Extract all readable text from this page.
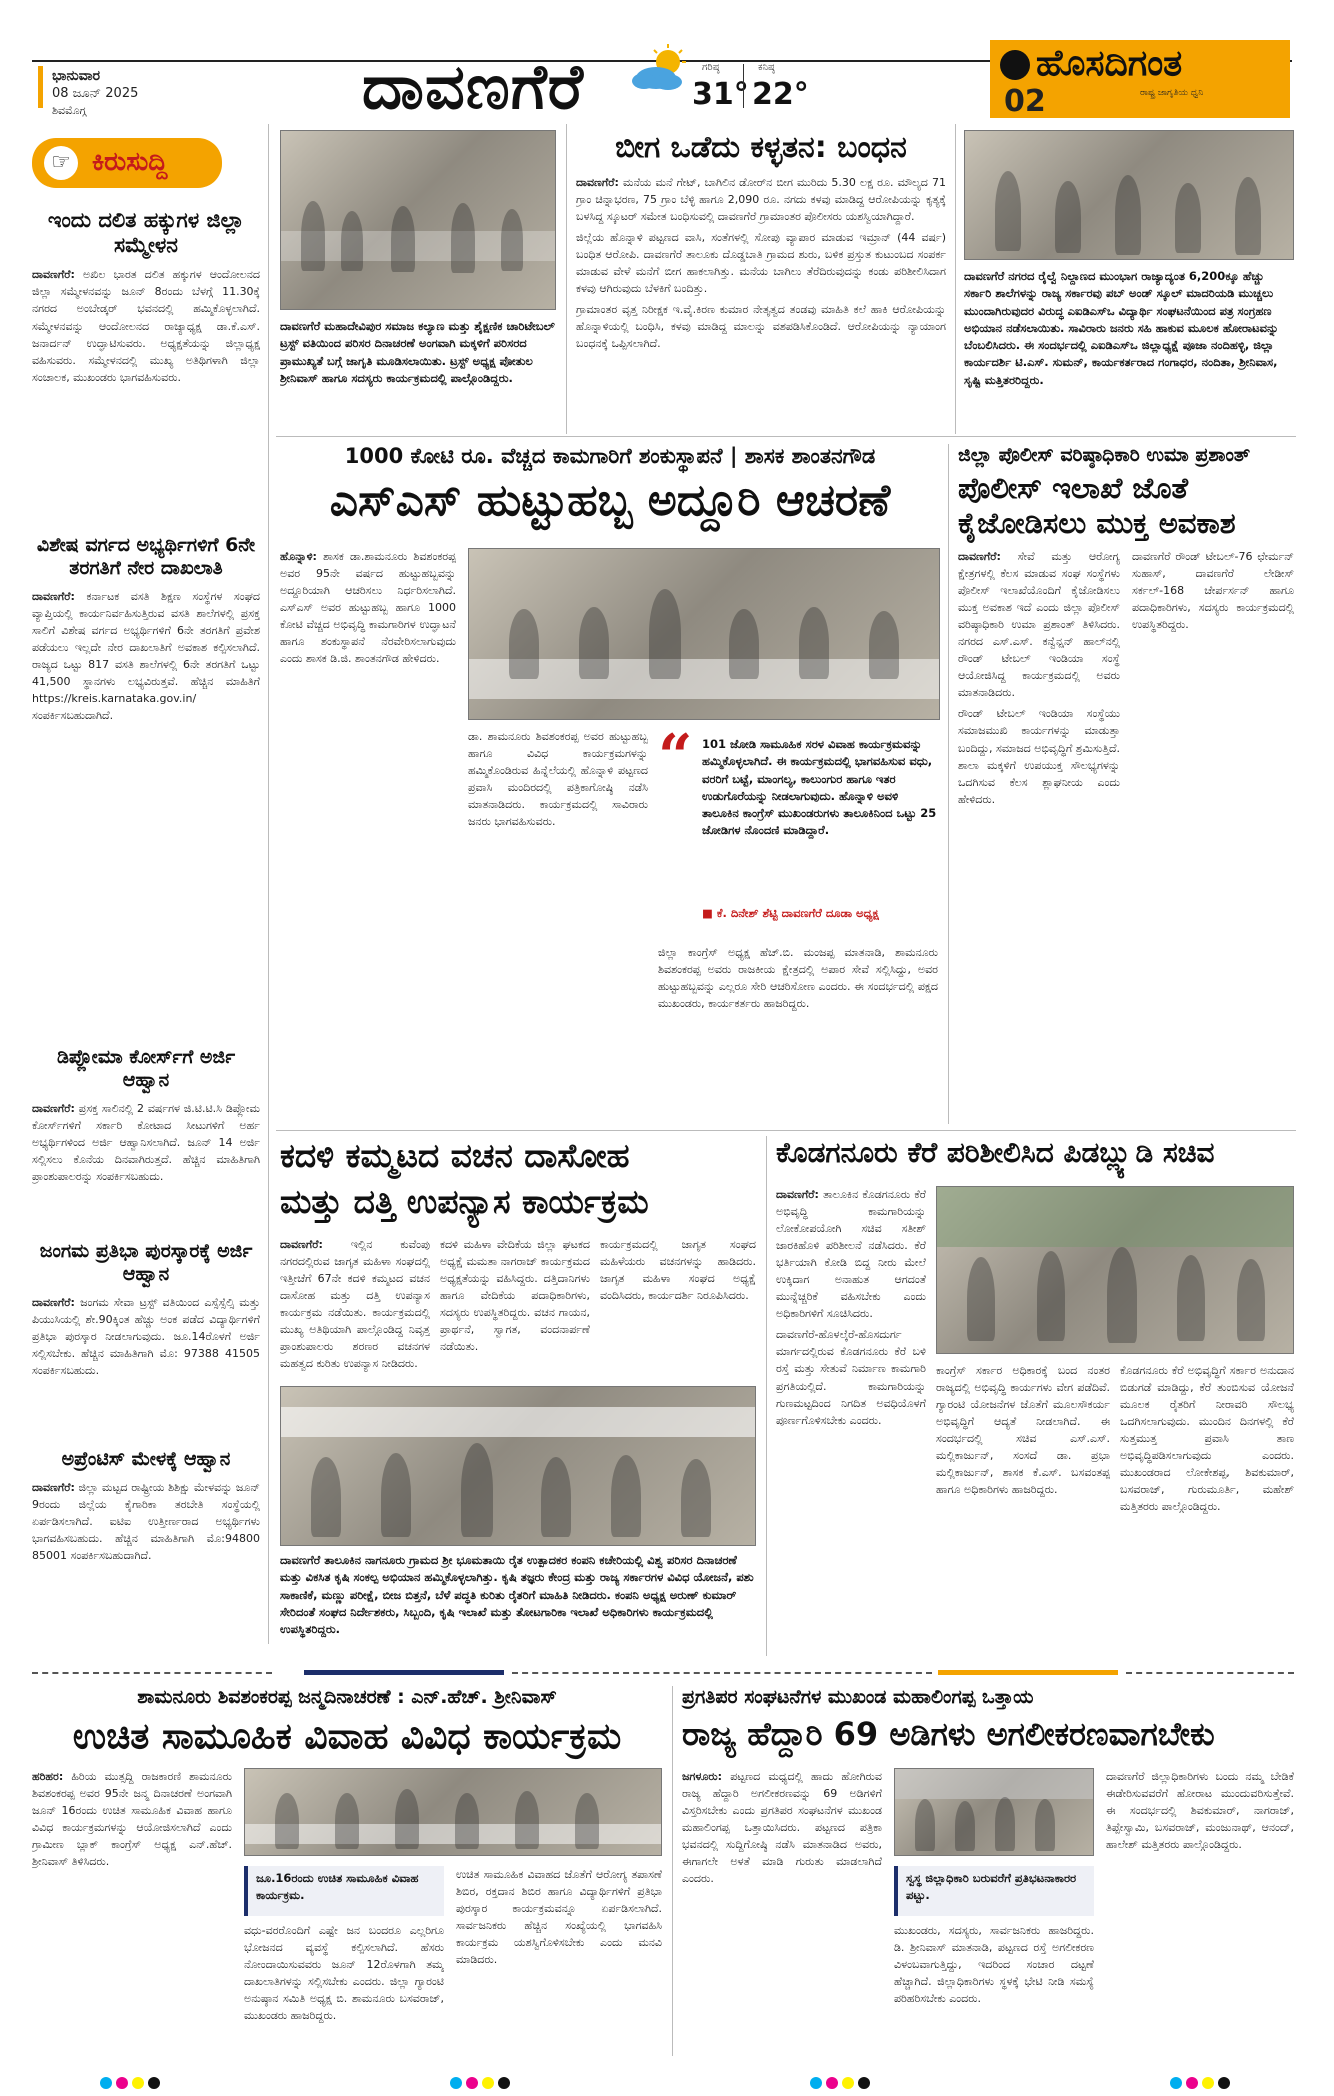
ಭಾನುವಾರ
08 ಜೂನ್ 2025
ಶಿವಮೊಗ್ಗ	ದಾವಣಗೆರೆ	ಗರಿಷ್ಠ
31°
ಕನಿಷ್ಠ
22°
ಹೊಸದಿಗಂತ
ರಾಷ್ಟ್ರ ಜಾಗೃತಿಯ ಧ್ವನಿ
02
☞ ಕಿರುಸುದ್ದಿ
ಇಂದು ದಲಿತ ಹಕ್ಕುಗಳ ಜಿಲ್ಲಾ ಸಮ್ಮೇಳನ
ದಾವಣಗೆರೆ: ಅಖಿಲ ಭಾರತ ದಲಿತ ಹಕ್ಕುಗಳ ಆಂದೋಲನದ ಜಿಲ್ಲಾ ಸಮ್ಮೇಳನವನ್ನು ಜೂನ್ 8ರಂದು ಬೆಳಗ್ಗೆ 11.30ಕ್ಕೆ ನಗರದ ಅಂಬೇಡ್ಕರ್ ಭವನದಲ್ಲಿ ಹಮ್ಮಿಕೊಳ್ಳಲಾಗಿದೆ. ಸಮ್ಮೇಳನವನ್ನು ಆಂದೋಲನದ ರಾಜ್ಯಾಧ್ಯಕ್ಷ ಡಾ.ಕೆ.ಎಸ್. ಜನಾರ್ದನ್ ಉದ್ಘಾಟಿಸುವರು. ಅಧ್ಯಕ್ಷತೆಯನ್ನು ಜಿಲ್ಲಾಧ್ಯಕ್ಷ ವಹಿಸುವರು. ಸಮ್ಮೇಳನದಲ್ಲಿ ಮುಖ್ಯ ಅತಿಥಿಗಳಾಗಿ ಜಿಲ್ಲಾ ಸಂಚಾಲಕ, ಮುಖಂಡರು ಭಾಗವಹಿಸುವರು.
ವಿಶೇಷ ವರ್ಗದ ಅಭ್ಯರ್ಥಿಗಳಿಗೆ 6ನೇ ತರಗತಿಗೆ ನೇರ ದಾಖಲಾತಿ
ದಾವಣಗೆರೆ: ಕರ್ನಾಟಕ ವಸತಿ ಶಿಕ್ಷಣ ಸಂಸ್ಥೆಗಳ ಸಂಘದ ವ್ಯಾಪ್ತಿಯಲ್ಲಿ ಕಾರ್ಯನಿರ್ವಹಿಸುತ್ತಿರುವ ವಸತಿ ಶಾಲೆಗಳಲ್ಲಿ ಪ್ರಸಕ್ತ ಸಾಲಿಗೆ ವಿಶೇಷ ವರ್ಗದ ಅಭ್ಯರ್ಥಿಗಳಿಗೆ 6ನೇ ತರಗತಿಗೆ ಪ್ರವೇಶ ಪಡೆಯಲು ಇಲ್ಲದೇ ನೇರ ದಾಖಲಾತಿಗೆ ಅವಕಾಶ ಕಲ್ಪಿಸಲಾಗಿದೆ. ರಾಜ್ಯದ ಒಟ್ಟು 817 ವಸತಿ ಶಾಲೆಗಳಲ್ಲಿ 6ನೇ ತರಗತಿಗೆ ಒಟ್ಟು 41,500 ಸ್ಥಾನಗಳು ಲಭ್ಯವಿರುತ್ತವೆ. ಹೆಚ್ಚಿನ ಮಾಹಿತಿಗೆ https://kreis.karnataka.gov.in/ ಸಂಪರ್ಕಿಸಬಹುದಾಗಿದೆ.
ಡಿಪ್ಲೋಮಾ ಕೋರ್ಸ್‌ಗೆ ಅರ್ಜಿ ಆಹ್ವಾನ
ದಾವಣಗೆರೆ: ಪ್ರಸಕ್ತ ಸಾಲಿನಲ್ಲಿ 2 ವರ್ಷಗಳ ಜಿ.ಟಿ.ಟಿ.ಸಿ ಡಿಪ್ಲೋಮ ಕೋರ್ಸ್‌ಗಳಿಗೆ ಸರ್ಕಾರಿ ಕೋಟಾದ ಸೀಟುಗಳಿಗೆ ಅರ್ಹ ಅಭ್ಯರ್ಥಿಗಳಿಂದ ಅರ್ಜಿ ಆಹ್ವಾನಿಸಲಾಗಿದೆ. ಜೂನ್ 14 ಅರ್ಜಿ ಸಲ್ಲಿಸಲು ಕೊನೆಯ ದಿನವಾಗಿರುತ್ತದೆ. ಹೆಚ್ಚಿನ ಮಾಹಿತಿಗಾಗಿ ಪ್ರಾಂಶುಪಾಲರನ್ನು ಸಂಪರ್ಕಿಸಬಹುದು.
ಜಂಗಮ ಪ್ರತಿಭಾ ಪುರಸ್ಕಾರಕ್ಕೆ ಅರ್ಜಿ ಆಹ್ವಾನ
ದಾವಣಗೆರೆ: ಜಂಗಮ ಸೇವಾ ಟ್ರಸ್ಟ್ ವತಿಯಿಂದ ಎಸ್ಸೆಸ್ಸೆಲ್ಸಿ ಮತ್ತು ಪಿಯುಸಿಯಲ್ಲಿ ಶೇ.90ಕ್ಕಿಂತ ಹೆಚ್ಚು ಅಂಕ ಪಡೆದ ವಿದ್ಯಾರ್ಥಿಗಳಿಗೆ ಪ್ರತಿಭಾ ಪುರಸ್ಕಾರ ನೀಡಲಾಗುವುದು. ಜೂ.14ರೊಳಗೆ ಅರ್ಜಿ ಸಲ್ಲಿಸಬೇಕು. ಹೆಚ್ಚಿನ ಮಾಹಿತಿಗಾಗಿ ಮೊ: 97388 41505 ಸಂಪರ್ಕಿಸಬಹುದು.
ಅಪ್ರೆಂಟಿಸ್ ಮೇಳಕ್ಕೆ ಆಹ್ವಾನ
ದಾವಣಗೆರೆ: ಜಿಲ್ಲಾ ಮಟ್ಟದ ರಾಷ್ಟ್ರೀಯ ಶಿಶಿಕ್ಷು ಮೇಳವನ್ನು ಜೂನ್ 9ರಂದು ಜಿಲ್ಲೆಯ ಕೈಗಾರಿಕಾ ತರಬೇತಿ ಸಂಸ್ಥೆಯಲ್ಲಿ ಏರ್ಪಡಿಸಲಾಗಿದೆ. ಐಟಿಐ ಉತ್ತೀರ್ಣರಾದ ಅಭ್ಯರ್ಥಿಗಳು ಭಾಗವಹಿಸಬಹುದು. ಹೆಚ್ಚಿನ ಮಾಹಿತಿಗಾಗಿ ಮೊ:94800 85001 ಸಂಪರ್ಕಿಸಬಹುದಾಗಿದೆ.
ದಾವಣಗೆರೆ ಮಹಾದೇವಿಪುರ ಸಮಾಜ ಕಲ್ಯಾಣ ಮತ್ತು ಶೈಕ್ಷಣಿಕ ಚಾರಿಟೇಬಲ್ ಟ್ರಸ್ಟ್ ವತಿಯಿಂದ ಪರಿಸರ ದಿನಾಚರಣೆ ಅಂಗವಾಗಿ ಮಕ್ಕಳಿಗೆ ಪರಿಸರದ ಪ್ರಾಮುಖ್ಯತೆ ಬಗ್ಗೆ ಜಾಗೃತಿ ಮೂಡಿಸಲಾಯಿತು. ಟ್ರಸ್ಟ್ ಅಧ್ಯಕ್ಷ ಪೋತುಲ ಶ್ರೀನಿವಾಸ್ ಹಾಗೂ ಸದಸ್ಯರು ಕಾರ್ಯಕ್ರಮದಲ್ಲಿ ಪಾಲ್ಗೊಂಡಿದ್ದರು.
ಬೀಗ ಒಡೆದು ಕಳ್ಳತನ: ಬಂಧನ

ದಾವಣಗೆರೆ: ಮನೆಯ ಮನೆ ಗೇಟ್, ಬಾಗಿಲಿನ ಡೋರ್‌ನ ಬೀಗ ಮುರಿದು 5.30 ಲಕ್ಷ ರೂ. ಮೌಲ್ಯದ 71 ಗ್ರಾಂ ಚಿನ್ನಾಭರಣ, 75 ಗ್ರಾಂ ಬೆಳ್ಳಿ ಹಾಗೂ 2,090 ರೂ. ನಗದು ಕಳವು ಮಾಡಿದ್ದ ಆರೋಪಿಯನ್ನು ಕೃತ್ಯಕ್ಕೆ ಬಳಸಿದ್ದ ಸ್ಕೂಟರ್ ಸಮೇತ ಬಂಧಿಸುವಲ್ಲಿ ದಾವಣಗೆರೆ ಗ್ರಾಮಾಂತರ ಪೊಲೀಸರು ಯಶಸ್ವಿಯಾಗಿದ್ದಾರೆ.

ಜಿಲ್ಲೆಯ ಹೊನ್ನಾಳಿ ಪಟ್ಟಣದ ವಾಸಿ, ಸಂತೆಗಳಲ್ಲಿ ಸೋಪು ವ್ಯಾಪಾರ ಮಾಡುವ ಇಮ್ರಾನ್ (44 ವರ್ಷ) ಬಂಧಿತ ಆರೋಪಿ. ದಾವಣಗೆರೆ ತಾಲೂಕು ದೊಡ್ಡಬಾತಿ ಗ್ರಾಮದ ಶುರು, ಬಳಿಕ ಪ್ರಸ್ತುತ ಕುಟುಂಬದ ಸಂಪರ್ಕ ಮಾಡುವ ವೇಳೆ ಮನೆಗೆ ಬೀಗ ಹಾಕಲಾಗಿತ್ತು. ಮನೆಯ ಬಾಗಿಲು ತೆರೆದಿರುವುದನ್ನು ಕಂಡು ಪರಿಶೀಲಿಸಿದಾಗ ಕಳವು ಆಗಿರುವುದು ಬೆಳಕಿಗೆ ಬಂದಿತ್ತು.

ಗ್ರಾಮಾಂತರ ವೃತ್ತ ನಿರೀಕ್ಷಕ ಇ.ವೈ.ಕಿರಣ ಕುಮಾರ ನೇತೃತ್ವದ ತಂಡವು ಮಾಹಿತಿ ಕಲೆ ಹಾಕಿ ಆರೋಪಿಯನ್ನು ಹೊನ್ನಾಳಿಯಲ್ಲಿ ಬಂಧಿಸಿ, ಕಳವು ಮಾಡಿದ್ದ ಮಾಲನ್ನು ವಶಪಡಿಸಿಕೊಂಡಿದೆ. ಆರೋಪಿಯನ್ನು ನ್ಯಾಯಾಂಗ ಬಂಧನಕ್ಕೆ ಒಪ್ಪಿಸಲಾಗಿದೆ.

ದಾವಣಗೆರೆ ನಗರದ ರೈಲ್ವೆ ನಿಲ್ದಾಣದ ಮುಂಭಾಗ ರಾಜ್ಯಾದ್ಯಂತ 6,200ಕ್ಕೂ ಹೆಚ್ಚು ಸರ್ಕಾರಿ ಶಾಲೆಗಳನ್ನು ರಾಜ್ಯ ಸರ್ಕಾರವು ಪಬ್ ಅಂಡ್ ಸ್ಕೂಲ್ ಮಾದರಿಯಡಿ ಮುಚ್ಚಲು ಮುಂದಾಗಿರುವುದರ ವಿರುದ್ಧ ಎಐಡಿಎಸ್ಒ ವಿದ್ಯಾರ್ಥಿ ಸಂಘಟನೆಯಿಂದ ಪತ್ರ ಸಂಗ್ರಹಣ ಅಭಿಯಾನ ನಡೆಸಲಾಯಿತು. ಸಾವಿರಾರು ಜನರು ಸಹಿ ಹಾಕುವ ಮೂಲಕ ಹೋರಾಟವನ್ನು ಬೆಂಬಲಿಸಿದರು. ಈ ಸಂದರ್ಭದಲ್ಲಿ ಎಐಡಿಎಸ್ಒ ಜಿಲ್ಲಾಧ್ಯಕ್ಷೆ ಪೂಜಾ ನಂದಿಹಳ್ಳಿ, ಜಿಲ್ಲಾ ಕಾರ್ಯದರ್ಶಿ ಟಿ.ಎಸ್. ಸುಮನ್, ಕಾರ್ಯಕರ್ತರಾದ ಗಂಗಾಧರ, ನಂದಿತಾ, ಶ್ರೀನಿವಾಸ, ಸೃಷ್ಟಿ ಮತ್ತಿತರರಿದ್ದರು.
1000 ಕೋಟಿ ರೂ. ವೆಚ್ಚದ ಕಾಮಗಾರಿಗೆ ಶಂಕುಸ್ಥಾಪನೆ | ಶಾಸಕ ಶಾಂತನಗೌಡ
ಎಸ್‌ಎಸ್ ಹುಟ್ಟುಹಬ್ಬ ಅದ್ದೂರಿ ಆಚರಣೆ
ಹೊನ್ನಾಳಿ: ಶಾಸಕ ಡಾ.ಶಾಮನೂರು ಶಿವಶಂಕರಪ್ಪ ಅವರ 95ನೇ ವರ್ಷದ ಹುಟ್ಟುಹಬ್ಬವನ್ನು ಅದ್ದೂರಿಯಾಗಿ ಆಚರಿಸಲು ನಿರ್ಧರಿಸಲಾಗಿದೆ. ಎಸ್‌ಎಸ್ ಅವರ ಹುಟ್ಟುಹಬ್ಬ ಹಾಗೂ 1000 ಕೋಟಿ ವೆಚ್ಚದ ಅಭಿವೃದ್ಧಿ ಕಾಮಗಾರಿಗಳ ಉದ್ಘಾಟನೆ ಹಾಗೂ ಶಂಕುಸ್ಥಾಪನೆ ನೆರವೇರಿಸಲಾಗುವುದು ಎಂದು ಶಾಸಕ ಡಿ.ಜಿ. ಶಾಂತನಗೌಡ ಹೇಳಿದರು.
ಡಾ. ಶಾಮನೂರು ಶಿವಶಂಕರಪ್ಪ ಅವರ ಹುಟ್ಟುಹಬ್ಬ ಹಾಗೂ ವಿವಿಧ ಕಾರ್ಯಕ್ರಮಗಳನ್ನು ಹಮ್ಮಿಕೊಂಡಿರುವ ಹಿನ್ನೆಲೆಯಲ್ಲಿ ಹೊನ್ನಾಳಿ ಪಟ್ಟಣದ ಪ್ರವಾಸಿ ಮಂದಿರದಲ್ಲಿ ಪತ್ರಿಕಾಗೋಷ್ಠಿ ನಡೆಸಿ ಮಾತನಾಡಿದರು. ಕಾರ್ಯಕ್ರಮದಲ್ಲಿ ಸಾವಿರಾರು ಜನರು ಭಾಗವಹಿಸುವರು.
“ 101 ಜೋಡಿ ಸಾಮೂಹಿಕ ಸರಳ ವಿವಾಹ ಕಾರ್ಯಕ್ರಮವನ್ನು ಹಮ್ಮಿಕೊಳ್ಳಲಾಗಿದೆ. ಈ ಕಾರ್ಯಕ್ರಮದಲ್ಲಿ ಭಾಗವಹಿಸುವ ವಧು, ವರರಿಗೆ ಬಟ್ಟೆ, ಮಾಂಗಲ್ಯ, ಕಾಲುಂಗುರ ಹಾಗೂ ಇತರ ಉಡುಗೊರೆಯನ್ನು ನೀಡಲಾಗುವುದು. ಹೊನ್ನಾಳಿ ಅವಳಿ ತಾಲೂಕಿನ ಕಾಂಗ್ರೆಸ್ ಮುಖಂಡರುಗಳು ತಾಲೂಕಿನಿಂದ ಒಟ್ಟು 25 ಜೋಡಿಗಳ ನೊಂದಣಿ ಮಾಡಿದ್ದಾರೆ.
■ ಕೆ. ದಿನೇಶ್ ಶೆಟ್ಟಿ ದಾವಣಗೆರೆ ದೂಡಾ ಅಧ್ಯಕ್ಷ
ಜಿಲ್ಲಾ ಕಾಂಗ್ರೆಸ್ ಅಧ್ಯಕ್ಷ ಹೆಚ್.ಬಿ. ಮಂಜಪ್ಪ ಮಾತನಾಡಿ, ಶಾಮನೂರು ಶಿವಶಂಕರಪ್ಪ ಅವರು ರಾಜಕೀಯ ಕ್ಷೇತ್ರದಲ್ಲಿ ಅಪಾರ ಸೇವೆ ಸಲ್ಲಿಸಿದ್ದು, ಅವರ ಹುಟ್ಟುಹಬ್ಬವನ್ನು ಎಲ್ಲರೂ ಸೇರಿ ಆಚರಿಸೋಣ ಎಂದರು. ಈ ಸಂದರ್ಭದಲ್ಲಿ ಪಕ್ಷದ ಮುಖಂಡರು, ಕಾರ್ಯಕರ್ತರು ಹಾಜರಿದ್ದರು.
ಜಿಲ್ಲಾ ಪೊಲೀಸ್ ವರಿಷ್ಠಾಧಿಕಾರಿ ಉಮಾ ಪ್ರಶಾಂತ್
ಪೊಲೀಸ್ ಇಲಾಖೆ ಜೊತೆ ಕೈಜೋಡಿಸಲು ಮುಕ್ತ ಅವಕಾಶ

ದಾವಣಗೆರೆ: ಸೇವೆ ಮತ್ತು ಆರೋಗ್ಯ ಕ್ಷೇತ್ರಗಳಲ್ಲಿ ಕೆಲಸ ಮಾಡುವ ಸಂಘ ಸಂಸ್ಥೆಗಳು ಪೊಲೀಸ್ ಇಲಾಖೆಯೊಂದಿಗೆ ಕೈಜೋಡಿಸಲು ಮುಕ್ತ ಅವಕಾಶ ಇದೆ ಎಂದು ಜಿಲ್ಲಾ ಪೊಲೀಸ್ ವರಿಷ್ಠಾಧಿಕಾರಿ ಉಮಾ ಪ್ರಶಾಂತ್ ತಿಳಿಸಿದರು. ನಗರದ ಎಸ್.ಎಸ್. ಕನ್ವೆನ್ಷನ್ ಹಾಲ್‌ನಲ್ಲಿ ರೌಂಡ್ ಟೇಬಲ್ ಇಂಡಿಯಾ ಸಂಸ್ಥೆ ಆಯೋಜಿಸಿದ್ದ ಕಾರ್ಯಕ್ರಮದಲ್ಲಿ ಅವರು ಮಾತನಾಡಿದರು.

ರೌಂಡ್ ಟೇಬಲ್ ಇಂಡಿಯಾ ಸಂಸ್ಥೆಯು ಸಮಾಜಮುಖಿ ಕಾರ್ಯಗಳನ್ನು ಮಾಡುತ್ತಾ ಬಂದಿದ್ದು, ಸಮಾಜದ ಅಭಿವೃದ್ಧಿಗೆ ಶ್ರಮಿಸುತ್ತಿದೆ. ಶಾಲಾ ಮಕ್ಕಳಿಗೆ ಉಪಯುಕ್ತ ಸೌಲಭ್ಯಗಳನ್ನು ಒದಗಿಸುವ ಕೆಲಸ ಶ್ಲಾಘನೀಯ ಎಂದು ಹೇಳಿದರು.

ದಾವಣಗೆರೆ ರೌಂಡ್ ಟೇಬಲ್-76 ಛೇರ್ಮನ್ ಸುಹಾಸ್, ದಾವಣಗೆರೆ ಲೇಡೀಸ್ ಸರ್ಕಲ್-168 ಚೇರ್ಪರ್ಸನ್ ಹಾಗೂ ಪದಾಧಿಕಾರಿಗಳು, ಸದಸ್ಯರು ಕಾರ್ಯಕ್ರಮದಲ್ಲಿ ಉಪಸ್ಥಿತರಿದ್ದರು.
ಕದಳಿ ಕಮ್ಮಟದ ವಚನ ದಾಸೋಹ
ಮತ್ತು ದತ್ತಿ ಉಪನ್ಯಾಸ ಕಾರ್ಯಕ್ರಮ
ದಾವಣಗೆರೆ:	ಇಲ್ಲಿನ ಕುವೆಂಪು ನಗರದಲ್ಲಿರುವ ಜಾಗೃತ ಮಹಿಳಾ ಸಂಘದಲ್ಲಿ ಇತ್ತೀಚೆಗೆ 67ನೇ ಕದಳಿ ಕಮ್ಮಟದ ವಚನ ದಾಸೋಹ ಮತ್ತು ದತ್ತಿ ಉಪನ್ಯಾಸ ಕಾರ್ಯಕ್ರಮ ನಡೆಯಿತು. ಕಾರ್ಯಕ್ರಮದಲ್ಲಿ ಮುಖ್ಯ ಅತಿಥಿಯಾಗಿ ಪಾಲ್ಗೊಂಡಿದ್ದ ನಿವೃತ್ತ ಪ್ರಾಂಶುಪಾಲರು ಶರಣರ ವಚನಗಳ ಮಹತ್ವದ ಕುರಿತು ಉಪನ್ಯಾಸ ನೀಡಿದರು.
ಕದಳಿ ಮಹಿಳಾ ವೇದಿಕೆಯ ಜಿಲ್ಲಾ ಘಟಕದ ಅಧ್ಯಕ್ಷೆ ಮಮತಾ ನಾಗರಾಜ್ ಕಾರ್ಯಕ್ರಮದ ಅಧ್ಯಕ್ಷತೆಯನ್ನು ವಹಿಸಿದ್ದರು. ದತ್ತಿದಾನಿಗಳು ಹಾಗೂ ವೇದಿಕೆಯ ಪದಾಧಿಕಾರಿಗಳು, ಸದಸ್ಯರು ಉಪಸ್ಥಿತರಿದ್ದರು. ವಚನ ಗಾಯನ, ಪ್ರಾರ್ಥನೆ, ಸ್ವಾಗತ, ವಂದನಾರ್ಪಣೆ ನಡೆಯಿತು.
ಕಾರ್ಯಕ್ರಮದಲ್ಲಿ ಜಾಗೃತ ಸಂಘದ ಮಹಿಳೆಯರು ವಚನಗಳನ್ನು ಹಾಡಿದರು. ಜಾಗೃತ ಮಹಿಳಾ ಸಂಘದ ಅಧ್ಯಕ್ಷೆ ವಂದಿಸಿದರು, ಕಾರ್ಯದರ್ಶಿ ನಿರೂಪಿಸಿದರು.
ದಾವಣಗೆರೆ ತಾಲೂಕಿನ ನಾಗನೂರು ಗ್ರಾಮದ ಶ್ರೀ ಭೂಮತಾಯಿ ರೈತ ಉತ್ಪಾದಕರ ಕಂಪನಿ ಕಚೇರಿಯಲ್ಲಿ ವಿಶ್ವ ಪರಿಸರ ದಿನಾಚರಣೆ ಮತ್ತು ವಿಕಸಿತ ಕೃಷಿ ಸಂಕಲ್ಪ ಅಭಿಯಾನ ಹಮ್ಮಿಕೊಳ್ಳಲಾಗಿತ್ತು. ಕೃಷಿ ತಜ್ಞರು ಕೇಂದ್ರ ಮತ್ತು ರಾಜ್ಯ ಸರ್ಕಾರಗಳ ವಿವಿಧ ಯೋಜನೆ, ಪಶು ಸಾಕಾಣಿಕೆ, ಮಣ್ಣು ಪರೀಕ್ಷೆ, ಬೀಜ ಬಿತ್ತನೆ, ಬೆಳೆ ಪದ್ಧತಿ ಕುರಿತು ರೈತರಿಗೆ ಮಾಹಿತಿ ನೀಡಿದರು. ಕಂಪನಿ ಅಧ್ಯಕ್ಷ ಅರುಣ್ ಕುಮಾರ್ ಸೇರಿದಂತೆ ಸಂಘದ ನಿರ್ದೇಶಕರು, ಸಿಬ್ಬಂದಿ, ಕೃಷಿ ಇಲಾಖೆ ಮತ್ತು ತೋಟಗಾರಿಕಾ ಇಲಾಖೆ ಅಧಿಕಾರಿಗಳು ಕಾರ್ಯಕ್ರಮದಲ್ಲಿ ಉಪಸ್ಥಿತರಿದ್ದರು.
ಕೊಡಗನೂರು ಕೆರೆ ಪರಿಶೀಲಿಸಿದ ಪಿಡಬ್ಲ್ಯುಡಿ ಸಚಿವ

ದಾವಣಗೆರೆ: ತಾಲೂಕಿನ ಕೊಡಗನೂರು ಕೆರೆ ಅಭಿವೃದ್ಧಿ ಕಾಮಗಾರಿಯನ್ನು ಲೋಕೋಪಯೋಗಿ ಸಚಿವ ಸತೀಶ್ ಜಾರಕಿಹೊಳಿ ಪರಿಶೀಲನೆ ನಡೆಸಿದರು. ಕೆರೆ ಭರ್ತಿಯಾಗಿ ಕೋಡಿ ಬಿದ್ದ ನೀರು ಮೇಲೆ ಉಕ್ಕಿದಾಗ ಅನಾಹುತ ಆಗದಂತೆ ಮುನ್ನೆಚ್ಚರಿಕೆ ವಹಿಸಬೇಕು ಎಂದು ಅಧಿಕಾರಿಗಳಿಗೆ ಸೂಚಿಸಿದರು.

ದಾವಣಗೆರೆ-ಹೊಳಲ್ಕೆರೆ-ಹೊಸದುರ್ಗ ಮಾರ್ಗದಲ್ಲಿರುವ ಕೊಡಗನೂರು ಕೆರೆ ಬಳಿ ರಸ್ತೆ ಮತ್ತು ಸೇತುವೆ ನಿರ್ಮಾಣ ಕಾಮಗಾರಿ ಪ್ರಗತಿಯಲ್ಲಿದೆ. ಕಾಮಗಾರಿಯನ್ನು ಗುಣಮಟ್ಟದಿಂದ ನಿಗದಿತ ಅವಧಿಯೊಳಗೆ ಪೂರ್ಣಗೊಳಿಸಬೇಕು ಎಂದರು.

ಕಾಂಗ್ರೆಸ್ ಸರ್ಕಾರ ಅಧಿಕಾರಕ್ಕೆ ಬಂದ ನಂತರ ರಾಜ್ಯದಲ್ಲಿ ಅಭಿವೃದ್ಧಿ ಕಾರ್ಯಗಳು ವೇಗ ಪಡೆದಿವೆ. ಗ್ಯಾರಂಟಿ ಯೋಜನೆಗಳ ಜೊತೆಗೆ ಮೂಲಸೌಕರ್ಯ ಅಭಿವೃದ್ಧಿಗೆ ಆದ್ಯತೆ ನೀಡಲಾಗಿದೆ. ಈ ಸಂದರ್ಭದಲ್ಲಿ ಸಚಿವ ಎಸ್.ಎಸ್. ಮಲ್ಲಿಕಾರ್ಜುನ್, ಸಂಸದೆ ಡಾ. ಪ್ರಭಾ ಮಲ್ಲಿಕಾರ್ಜುನ್, ಶಾಸಕ ಕೆ.ಎಸ್. ಬಸವಂತಪ್ಪ ಹಾಗೂ ಅಧಿಕಾರಿಗಳು ಹಾಜರಿದ್ದರು.
ಕೊಡಗನೂರು ಕೆರೆ ಅಭಿವೃದ್ಧಿಗೆ ಸರ್ಕಾರ ಅನುದಾನ ಬಿಡುಗಡೆ ಮಾಡಿದ್ದು, ಕೆರೆ ತುಂಬಿಸುವ ಯೋಜನೆ ಮೂಲಕ ರೈತರಿಗೆ ನೀರಾವರಿ ಸೌಲಭ್ಯ ಒದಗಿಸಲಾಗುವುದು. ಮುಂದಿನ ದಿನಗಳಲ್ಲಿ ಕೆರೆ ಸುತ್ತಮುತ್ತ ಪ್ರವಾಸಿ ತಾಣ ಅಭಿವೃದ್ಧಿಪಡಿಸಲಾಗುವುದು ಎಂದರು. ಮುಖಂಡರಾದ ಲೋಕೇಶಪ್ಪ, ಶಿವಕುಮಾರ್, ಬಸವರಾಜ್, ಗುರುಮೂರ್ತಿ, ಮಹೇಶ್ ಮತ್ತಿತರರು ಪಾಲ್ಗೊಂಡಿದ್ದರು.
ಶಾಮನೂರು ಶಿವಶಂಕರಪ್ಪ ಜನ್ಮದಿನಾಚರಣೆ : ಎನ್.ಹೆಚ್. ಶ್ರೀನಿವಾಸ್
ಉಚಿತ ಸಾಮೂಹಿಕ ವಿವಾಹ ವಿವಿಧ ಕಾರ್ಯಕ್ರಮ
ಹರಿಹರ: ಹಿರಿಯ ಮುತ್ಸದ್ದಿ ರಾಜಕಾರಣಿ ಶಾಮನೂರು ಶಿವಶಂಕರಪ್ಪ ಅವರ 95ನೇ ಜನ್ಮ ದಿನಾಚರಣೆ ಅಂಗವಾಗಿ ಜೂನ್ 16ರಂದು ಉಚಿತ ಸಾಮೂಹಿಕ ವಿವಾಹ ಹಾಗೂ ವಿವಿಧ ಕಾರ್ಯಕ್ರಮಗಳನ್ನು ಆಯೋಜಿಸಲಾಗಿದೆ ಎಂದು ಗ್ರಾಮೀಣ ಬ್ಲಾಕ್ ಕಾಂಗ್ರೆಸ್ ಅಧ್ಯಕ್ಷ ಎನ್.ಹೆಚ್. ಶ್ರೀನಿವಾಸ್ ತಿಳಿಸಿದರು.
ಜೂ.16ರಂದು ಉಚಿತ ಸಾಮೂಹಿಕ ವಿವಾಹ ಕಾರ್ಯಕ್ರಮ.
ವಧು-ವರರೊಂದಿಗೆ ಎಷ್ಟೇ ಜನ ಬಂದರೂ ಎಲ್ಲರಿಗೂ ಭೋಜನದ ವ್ಯವಸ್ಥೆ ಕಲ್ಪಿಸಲಾಗಿದೆ. ಹೆಸರು ನೋಂದಾಯಿಸುವವರು ಜೂನ್ 12ರೊಳಗಾಗಿ ತಮ್ಮ ದಾಖಲಾತಿಗಳನ್ನು ಸಲ್ಲಿಸಬೇಕು ಎಂದರು. ಜಿಲ್ಲಾ ಗ್ಯಾರಂಟಿ ಅನುಷ್ಠಾನ ಸಮಿತಿ ಅಧ್ಯಕ್ಷ ಬಿ. ಶಾಮನೂರು ಬಸವರಾಜ್, ಮುಖಂಡರು ಹಾಜರಿದ್ದರು.
ಉಚಿತ ಸಾಮೂಹಿಕ ವಿವಾಹದ ಜೊತೆಗೆ ಆರೋಗ್ಯ ತಪಾಸಣೆ ಶಿಬಿರ, ರಕ್ತದಾನ ಶಿಬಿರ ಹಾಗೂ ವಿದ್ಯಾರ್ಥಿಗಳಿಗೆ ಪ್ರತಿಭಾ ಪುರಸ್ಕಾರ ಕಾರ್ಯಕ್ರಮವನ್ನೂ ಏರ್ಪಡಿಸಲಾಗಿದೆ. ಸಾರ್ವಜನಿಕರು ಹೆಚ್ಚಿನ ಸಂಖ್ಯೆಯಲ್ಲಿ ಭಾಗವಹಿಸಿ ಕಾರ್ಯಕ್ರಮ ಯಶಸ್ವಿಗೊಳಿಸಬೇಕು ಎಂದು ಮನವಿ ಮಾಡಿದರು.
ಪ್ರಗತಿಪರ ಸಂಘಟನೆಗಳ ಮುಖಂಡ ಮಹಾಲಿಂಗಪ್ಪ ಒತ್ತಾಯ
ರಾಜ್ಯ ಹೆದ್ದಾರಿ 69 ಅಡಿಗಳು ಅಗಲೀಕರಣವಾಗಬೇಕು
ಜಗಳೂರು: ಪಟ್ಟಣದ ಮಧ್ಯದಲ್ಲಿ ಹಾದು ಹೋಗಿರುವ ರಾಜ್ಯ ಹೆದ್ದಾರಿ ಅಗಲೀಕರಣವನ್ನು 69 ಅಡಿಗಳಿಗೆ ವಿಸ್ತರಿಸಬೇಕು ಎಂದು ಪ್ರಗತಿಪರ ಸಂಘಟನೆಗಳ ಮುಖಂಡ ಮಹಾಲಿಂಗಪ್ಪ ಒತ್ತಾಯಿಸಿದರು. ಪಟ್ಟಣದ ಪತ್ರಿಕಾ ಭವನದಲ್ಲಿ ಸುದ್ದಿಗೋಷ್ಠಿ ನಡೆಸಿ ಮಾತನಾಡಿದ ಅವರು, ಈಗಾಗಲೇ ಅಳತೆ ಮಾಡಿ ಗುರುತು ಮಾಡಲಾಗಿದೆ ಎಂದರು.	ಸ್ವಸ್ಥ ಜಿಲ್ಲಾಧಿಕಾರಿ ಬರುವರೆಗೆ ಪ್ರತಿಭಟನಾಕಾರರ ಪಟ್ಟು.
ಮುಖಂಡರು, ಸದಸ್ಯರು, ಸಾರ್ವಜನಿಕರು ಹಾಜರಿದ್ದರು. ಡಿ. ಶ್ರೀನಿವಾಸ್ ಮಾತನಾಡಿ, ಪಟ್ಟಣದ ರಸ್ತೆ ಅಗಲೀಕರಣ ವಿಳಂಬವಾಗುತ್ತಿದ್ದು, ಇದರಿಂದ ಸಂಚಾರ ದಟ್ಟಣೆ ಹೆಚ್ಚಾಗಿದೆ. ಜಿಲ್ಲಾಧಿಕಾರಿಗಳು ಸ್ಥಳಕ್ಕೆ ಭೇಟಿ ನೀಡಿ ಸಮಸ್ಯೆ ಪರಿಹರಿಸಬೇಕು ಎಂದರು.
ದಾವಣಗೆರೆ ಜಿಲ್ಲಾಧಿಕಾರಿಗಳು ಬಂದು ನಮ್ಮ ಬೇಡಿಕೆ ಈಡೇರಿಸುವವರೆಗೆ ಹೋರಾಟ ಮುಂದುವರಿಸುತ್ತೇವೆ. ಈ ಸಂದರ್ಭದಲ್ಲಿ ಶಿವಕುಮಾರ್, ನಾಗರಾಜ್, ತಿಪ್ಪೇಸ್ವಾಮಿ, ಬಸವರಾಜ್, ಮಂಜುನಾಥ್, ಆನಂದ್, ಹಾಲೇಶ್ ಮತ್ತಿತರರು ಪಾಲ್ಗೊಂಡಿದ್ದರು.
